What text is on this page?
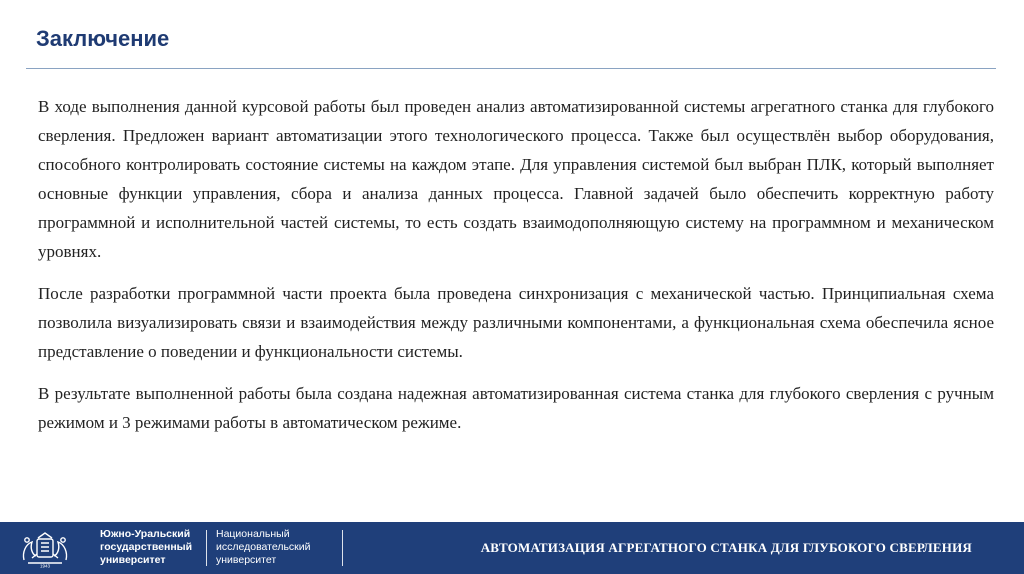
Заключение

В ходе выполнения данной курсовой работы был проведен анализ автоматизированной системы агрегатного станка для глубокого сверления. Предложен вариант автоматизации этого технологического процесса. Также был осуществлён выбор оборудования, способного контролировать состояние системы на каждом этапе. Для управления системой был выбран ПЛК, который выполняет основные функции управления, сбора и анализа данных процесса. Главной задачей было обеспечить корректную работу программной и исполнительной частей системы, то есть создать взаимодополняющую систему на программном и механическом уровнях.

После разработки программной части проекта была проведена синхронизация с механической частью. Принципиальная схема позволила визуализировать связи и взаимодействия между различными компонентами, а функциональная схема обеспечила ясное представление о поведении и функциональности системы.

В результате выполненной работы была создана надежная автоматизированная система станка для глубокого сверления с ручным режимом и 3 режимами работы в автоматическом режиме.

1943
Южно-Уральский
государственный
университет
Национальный
исследовательский
университет
АВТОМАТИЗАЦИЯ АГРЕГАТНОГО СТАНКА ДЛЯ ГЛУБОКОГО СВЕРЛЕНИЯ
